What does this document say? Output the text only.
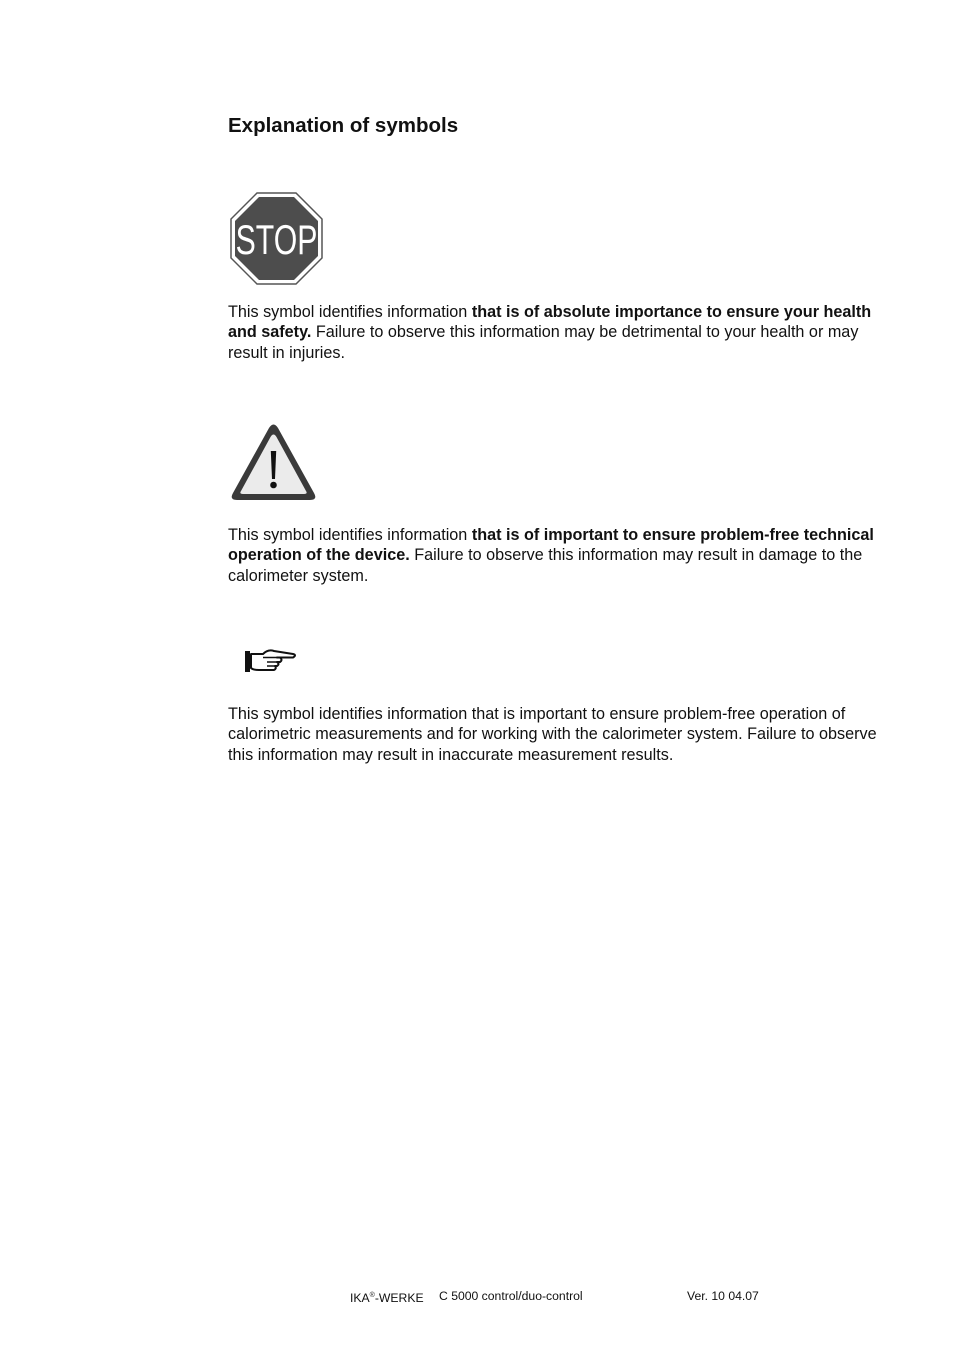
Explanation of symbols
STOP

This symbol identifies information that is of absolute importance to ensure your health and safety. Failure to observe this information may be detrimental to your health or may result in injuries.

This symbol identifies information that is of important to ensure problem-free technical operation of the device. Failure to observe this information may result in damage to the calorimeter system.

This symbol identifies information that is important to ensure problem-free operation of calorimetric measurements and for working with the calorimeter system. Failure to observe this information may result in inaccurate measurement results.

IKA®-WERKE C 5000 control/duo-control	Ver. 10 04.07
